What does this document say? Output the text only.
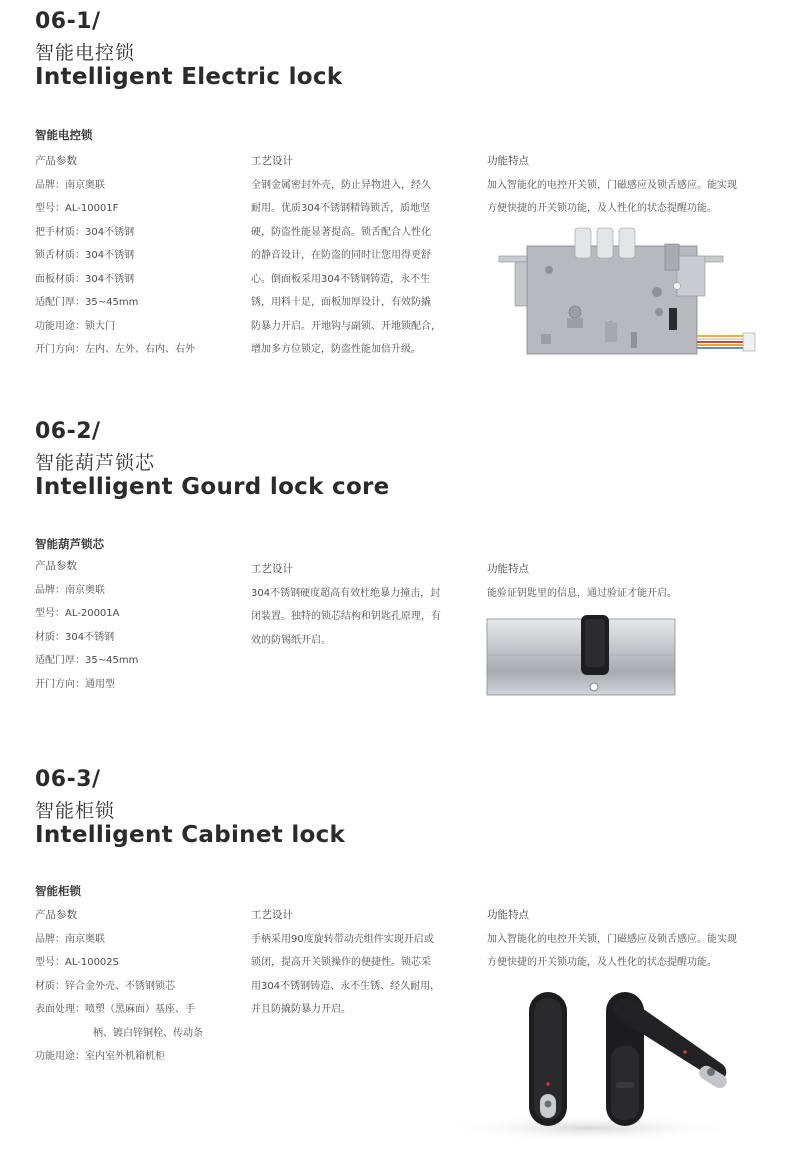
06-1/
智能电控锁
Intelligent Electric lock
智能电控锁
产品参数
品牌：南京奥联
型号：AL-10001F
把手材质：304不锈钢
锁舌材质：304不锈钢
面板材质：304不锈钢
适配门厚：35~45mm
功能用途：锁大门
开门方向：左内、左外、右内、右外
工艺设计
全钢金属密封外壳，防止异物进入，经久
耐用。优质304不锈钢精铸锁舌，质地坚
硬，防盗性能显著提高。锁舌配合人性化
的静音设计，在防盗的同时让您用得更舒
心。倒面板采用304不锈钢铸造，永不生
锈，用料十足，面板加厚设计，有效防撬
防暴力开启。开地钩与副锁、开地锁配合，
增加多方位锁定，防盗性能加倍升级。
功能特点
加入智能化的电控开关锁，门磁感应及锁舌感应。能实现
方便快捷的开关锁功能，及人性化的状态提醒功能。
06-2/
智能葫芦锁芯
Intelligent Gourd lock core
智能葫芦锁芯
产品参数
品牌：南京奥联
型号：AL-20001A
材质：304不锈钢
适配门厚：35~45mm
开门方向：通用型
工艺设计
304不锈钢硬度超高有效杜绝暴力撞击，封
闭装置。独特的锁芯结构和钥匙孔原理，有
效的防锡纸开启。
功能特点
能验证钥匙里的信息，通过验证才能开启。
06-3/
智能柜锁
Intelligent Cabinet lock
智能柜锁
产品参数
品牌：南京奥联
型号：AL-10002S
材质：锌合金外壳、不锈钢锁芯
表面处理：喷塑（黑麻面）基座、手
柄、镀白锌铜栓、传动条
功能用途：室内室外机箱机柜
工艺设计
手柄采用90度旋转带动壳组件实现开启或
锁闭，提高开关锁操作的便捷性。锁芯采
用304不锈钢铸造、永不生锈、经久耐用，
并且防撬防暴力开启。
功能特点
加入智能化的电控开关锁，门磁感应及锁舌感应。能实现
方便快捷的开关锁功能，及人性化的状态提醒功能。
